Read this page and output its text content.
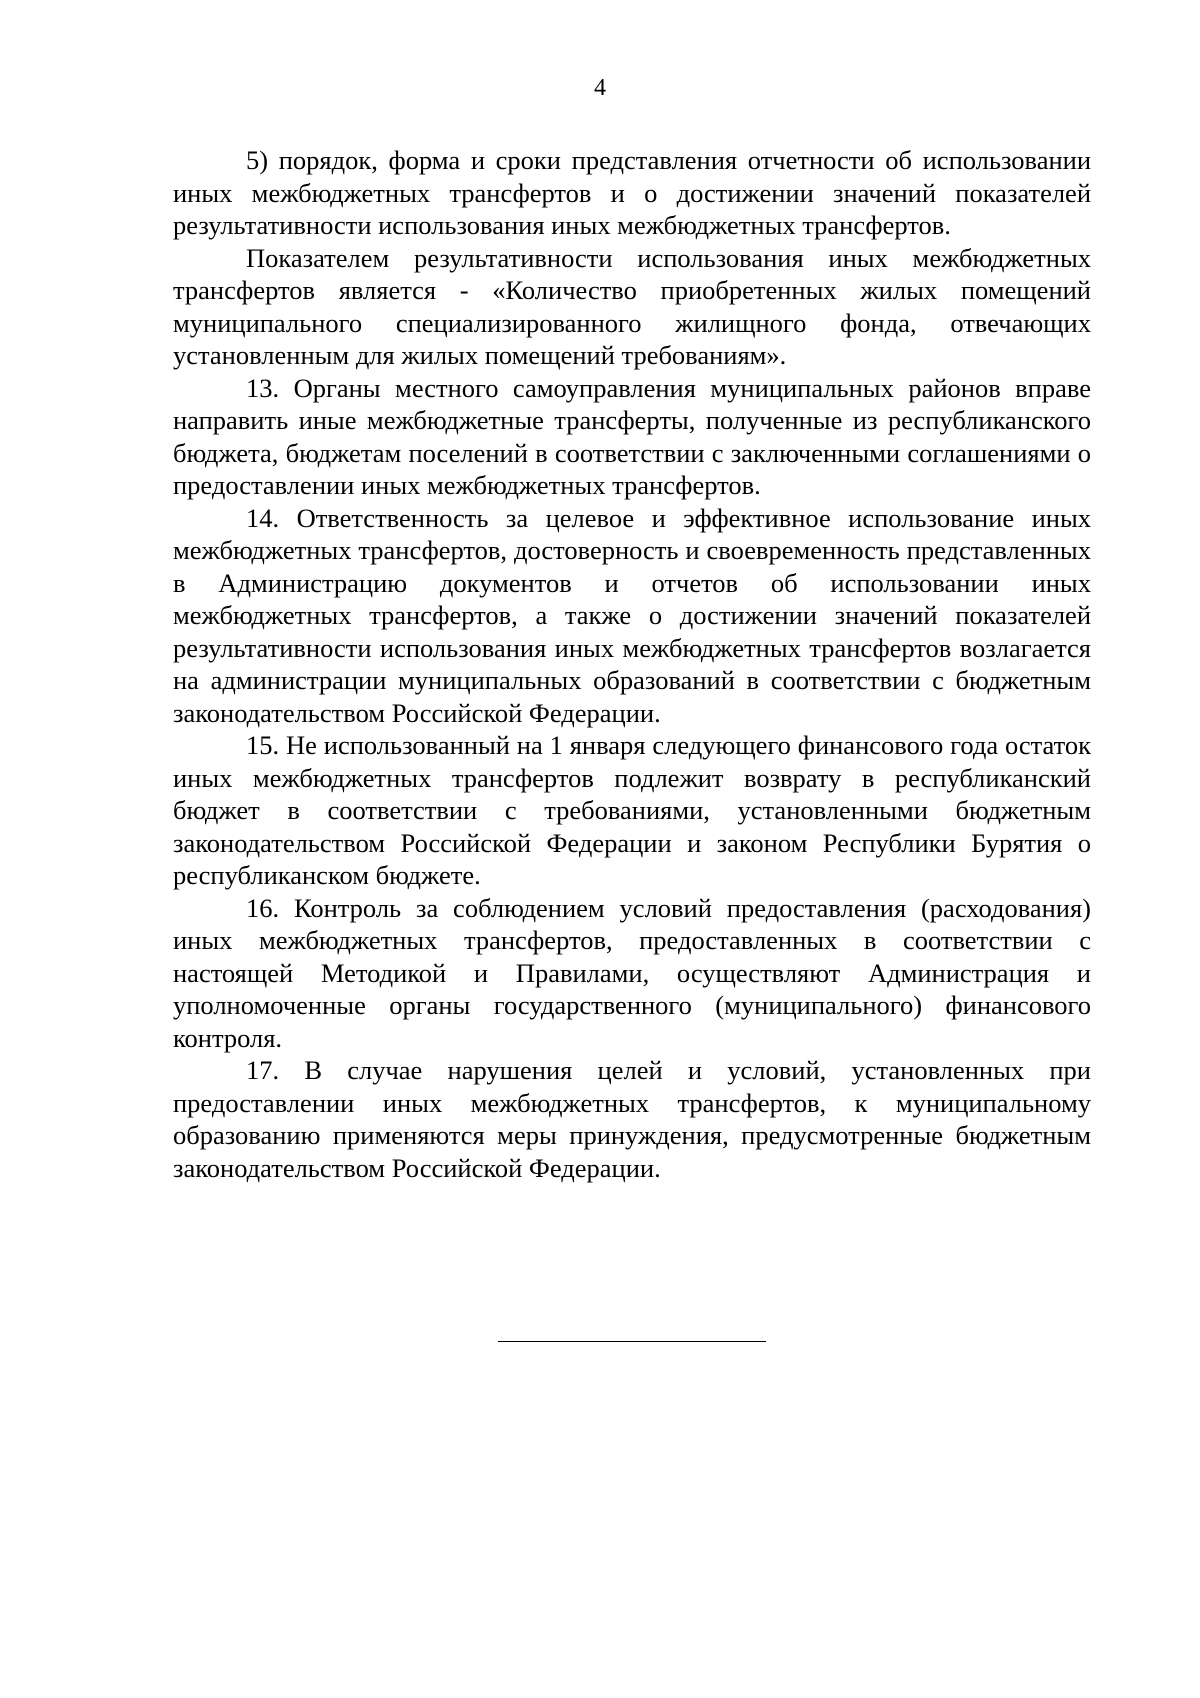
4

5) порядок, форма и сроки представления отчетности об использовании иных межбюджетных трансфертов и о достижении значений показателей результативности использования иных межбюджетных трансфертов.

Показателем результативности использования иных межбюджетных трансфертов является - «Количество приобретенных жилых помещений муниципального специализированного жилищного фонда, отвечающих установленным для жилых помещений требованиям».

13. Органы местного самоуправления муниципальных районов вправе направить иные межбюджетные трансферты, полученные из республиканского бюджета, бюджетам поселений в соответствии с заключенными соглашениями о предоставлении иных межбюджетных трансфертов.

14. Ответственность за целевое и эффективное использование иных межбюджетных трансфертов, достоверность и своевременность представленных в Администрацию документов и отчетов об использовании иных межбюджетных трансфертов, а также о достижении значений показателей результативности использования иных межбюджетных трансфертов возлагается на администрации муниципальных образований в соответствии с бюджетным законодательством Российской Федерации.

15. Не использованный на 1 января следующего финансового года остаток иных межбюджетных трансфертов подлежит возврату в республиканский бюджет в соответствии с требованиями, установленными бюджетным законодательством Российской Федерации и законом Республики Бурятия о республиканском бюджете.

16. Контроль за соблюдением условий предоставления (расходования) иных межбюджетных трансфертов, предоставленных в соответствии с настоящей Методикой и Правилами, осуществляют Администрация и уполномоченные органы государственного (муниципального) финансового контроля.

17. В случае нарушения целей и условий, установленных при предоставлении иных межбюджетных трансфертов, к муниципальному образованию применяются меры принуждения, предусмотренные бюджетным законодательством Российской Федерации.
